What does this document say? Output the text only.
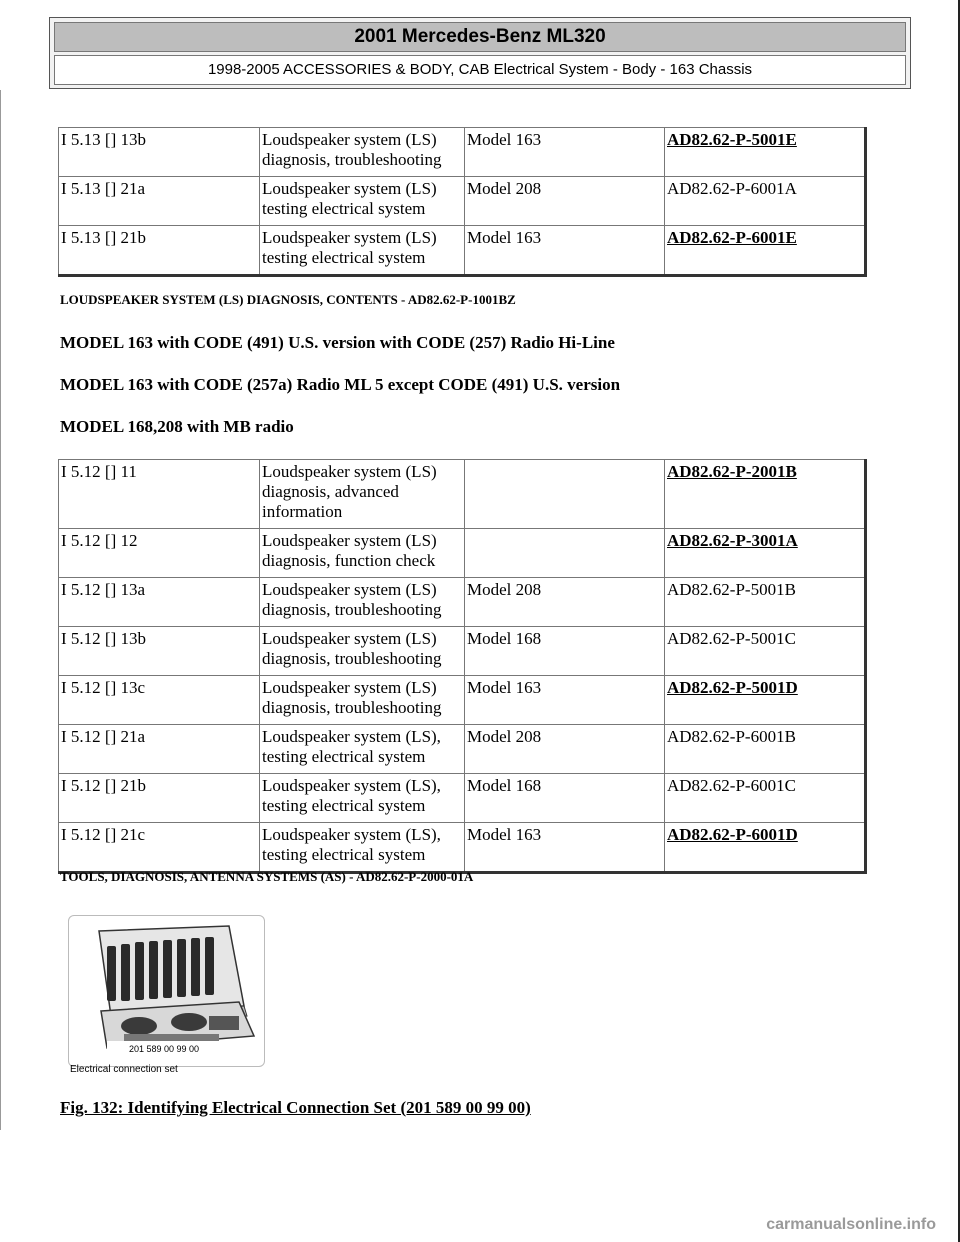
2001 Mercedes-Benz ML320
1998-2005 ACCESSORIES & BODY, CAB Electrical System - Body - 163 Chassis
I 5.13 [] 13b	Loudspeaker system (LS) diagnosis, troubleshooting	Model 163	AD82.62-P-5001E
I 5.13 [] 21a	Loudspeaker system (LS) testing electrical system	Model 208	AD82.62-P-6001A
I 5.13 [] 21b	Loudspeaker system (LS) testing electrical system	Model 163	AD82.62-P-6001E
LOUDSPEAKER SYSTEM (LS) DIAGNOSIS, CONTENTS - AD82.62-P-1001BZ
MODEL 163 with CODE (491) U.S. version with CODE (257) Radio Hi-Line
MODEL 163 with CODE (257a) Radio ML 5 except CODE (491) U.S. version
MODEL 168,208 with MB radio
I 5.12 [] 11	Loudspeaker system (LS) diagnosis, advanced information		AD82.62-P-2001B
I 5.12 [] 12	Loudspeaker system (LS) diagnosis, function check		AD82.62-P-3001A
I 5.12 [] 13a	Loudspeaker system (LS) diagnosis, troubleshooting	Model 208	AD82.62-P-5001B
I 5.12 [] 13b	Loudspeaker system (LS) diagnosis, troubleshooting	Model 168	AD82.62-P-5001C
I 5.12 [] 13c	Loudspeaker system (LS) diagnosis, troubleshooting	Model 163	AD82.62-P-5001D
I 5.12 [] 21a	Loudspeaker system (LS), testing electrical system	Model 208	AD82.62-P-6001B
I 5.12 [] 21b	Loudspeaker system (LS), testing electrical system	Model 168	AD82.62-P-6001C
I 5.12 [] 21c	Loudspeaker system (LS), testing electrical system	Model 163	AD82.62-P-6001D
TOOLS, DIAGNOSIS, ANTENNA SYSTEMS (AS) - AD82.62-P-2000-01A
201 589 00 99 00
Electrical connection set
Fig. 132: Identifying Electrical Connection Set (201 589 00 99 00)
carmanualsonline.info
